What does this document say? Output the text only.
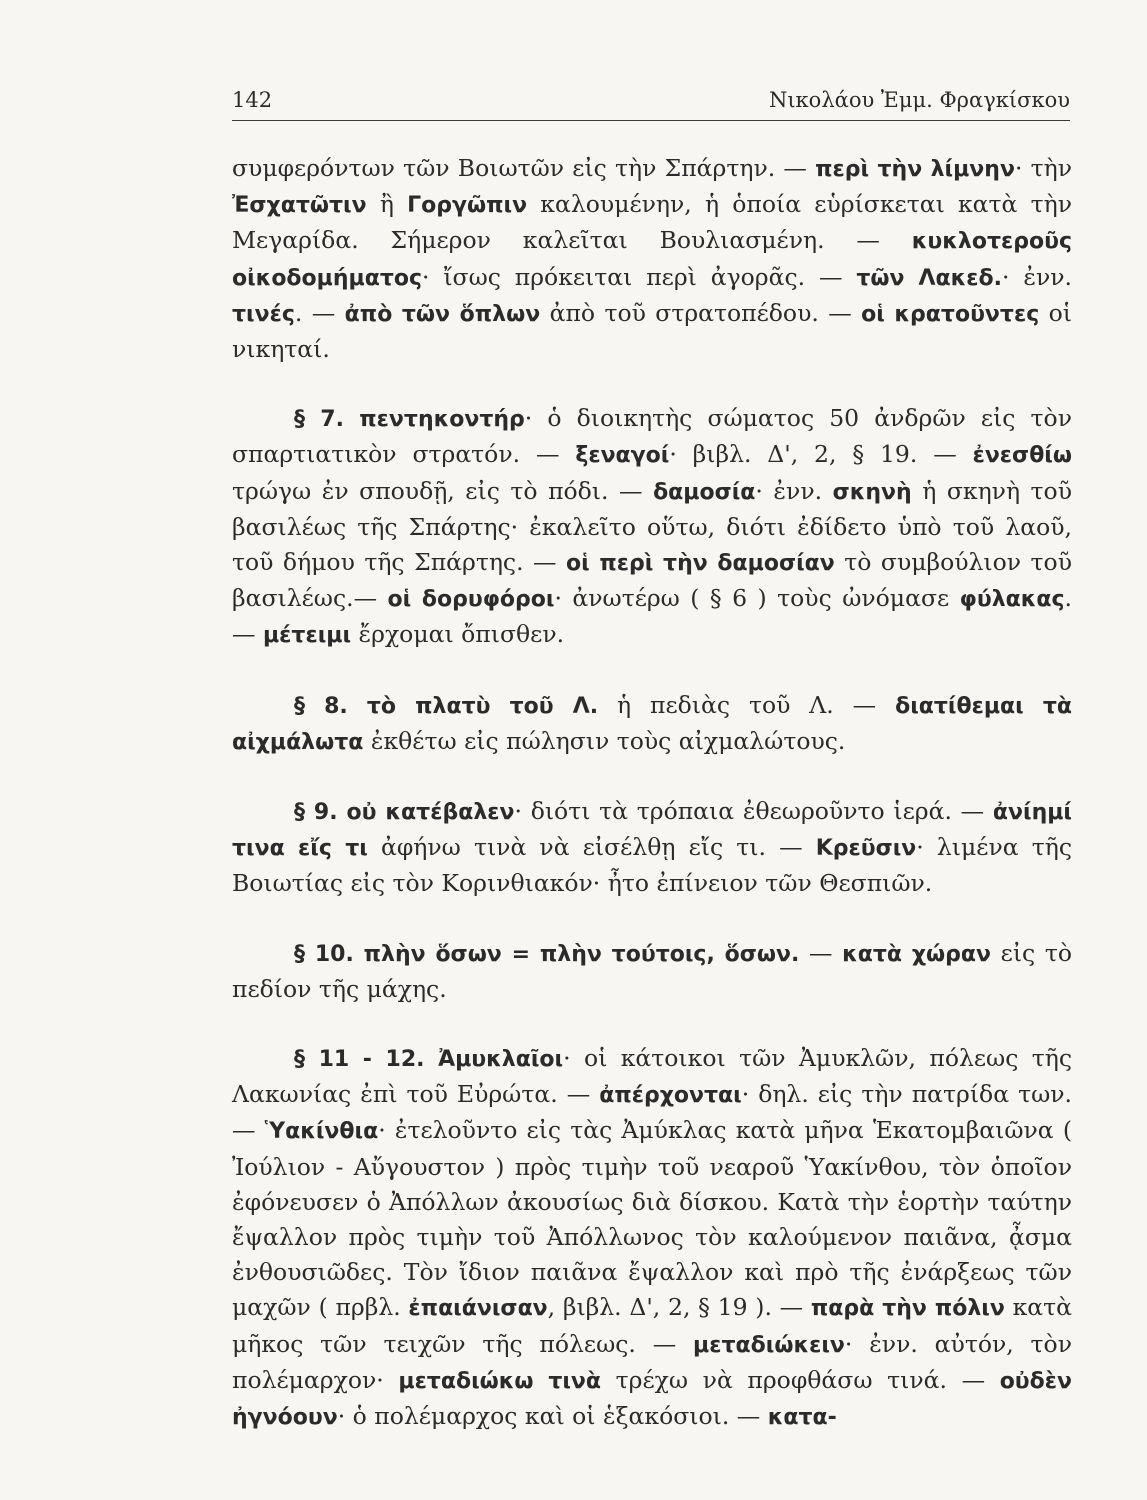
142	Νικολάου Ἐμμ. Φραγκίσκου

συμφερόντων τῶν Βοιωτῶν εἰς τὴν Σπάρτην. — περὶ τὴν λίμνην· τὴν Ἐσχατῶτιν ἢ Γοργῶπιν καλουμένην, ἡ ὁποία εὑρίσκεται κατὰ τὴν Μεγαρίδα. Σήμερον καλεῖται Βουλιασμένη. — κυκλοτεροῦς οἰκοδομήματος· ἴσως πρόκειται περὶ ἀγορᾶς. — τῶν Λακεδ.· ἐνν. τινές. — ἀπὸ τῶν ὅπλων ἀπὸ τοῦ στρατοπέδου. — οἱ κρατοῦντες οἱ νικηταί.

§ 7. πεντηκοντήρ· ὁ διοικητὴς σώματος 50 ἀνδρῶν εἰς τὸν σπαρτιατικὸν στρατόν. — ξεναγοί· βιβλ. Δ', 2, § 19. — ἐνεσθίω τρώγω ἐν σπουδῇ, εἰς τὸ πόδι. — δαμοσία· ἐνν. σκηνὴ ἡ σκηνὴ τοῦ βασιλέως τῆς Σπάρτης· ἐκαλεῖτο οὕτω, διότι ἐδίδετο ὑπὸ τοῦ λαοῦ, τοῦ δήμου τῆς Σπάρτης. — οἱ περὶ τὴν δαμοσίαν τὸ συμβούλιον τοῦ βασιλέως.— οἱ δορυφόροι· ἀνωτέρω ( § 6 ) τοὺς ὠνόμασε φύλακας. — μέτειμι ἔρχομαι ὄπισθεν.

§ 8. τὸ πλατὺ τοῦ Λ. ἡ πεδιὰς τοῦ Λ. — διατίθεμαι τὰ αἰχμάλωτα ἐκθέτω εἰς πώλησιν τοὺς αἰχμαλώτους.

§ 9. οὐ κατέβαλεν· διότι τὰ τρόπαια ἐθεωροῦντο ἱερά. — ἀνίημί τινα εἴς τι ἀφήνω τινὰ νὰ εἰσέλθῃ εἴς τι. — Κρεῦσιν· λιμένα τῆς Βοιωτίας εἰς τὸν Κορινθιακόν· ἦτο ἐπίνειον τῶν Θεσπιῶν.

§ 10. πλὴν ὅσων = πλὴν τούτοις, ὅσων. — κατὰ χώραν εἰς τὸ πεδίον τῆς μάχης.

§ 11 - 12. Ἀμυκλαῖοι· οἱ κάτοικοι τῶν Ἀμυκλῶν, πόλεως τῆς Λακωνίας ἐπὶ τοῦ Εὐρώτα. — ἀπέρχονται· δηλ. εἰς τὴν πατρίδα των. — Ὑακίνθια· ἐτελοῦντο εἰς τὰς Ἀμύκλας κατὰ μῆνα Ἑκατομβαιῶνα ( Ἰούλιον - Αὔγουστον ) πρὸς τιμὴν τοῦ νεαροῦ Ὑακίνθου, τὸν ὁποῖον ἐφόνευσεν ὁ Ἀπόλλων ἀκουσίως διὰ δίσκου. Κατὰ τὴν ἑορτὴν ταύτην ἔψαλλον πρὸς τιμὴν τοῦ Ἀπόλλωνος τὸν καλούμενον παιᾶνα, ᾆσμα ἐνθουσιῶδες. Τὸν ἴδιον παιᾶνα ἔψαλλον καὶ πρὸ τῆς ἐνάρξεως τῶν μαχῶν ( πρβλ. ἐπαιάνισαν, βιβλ. Δ', 2, § 19 ). — παρὰ τὴν πόλιν κατὰ μῆκος τῶν τειχῶν τῆς πόλεως. — μεταδιώκειν· ἐνν. αὐτόν, τὸν πολέμαρχον· μεταδιώκω τινὰ τρέχω νὰ προφθάσω τινά. — οὐδὲν ἠγνόουν· ὁ πολέμαρχος καὶ οἱ ἑξακόσιοι. — κατα-
